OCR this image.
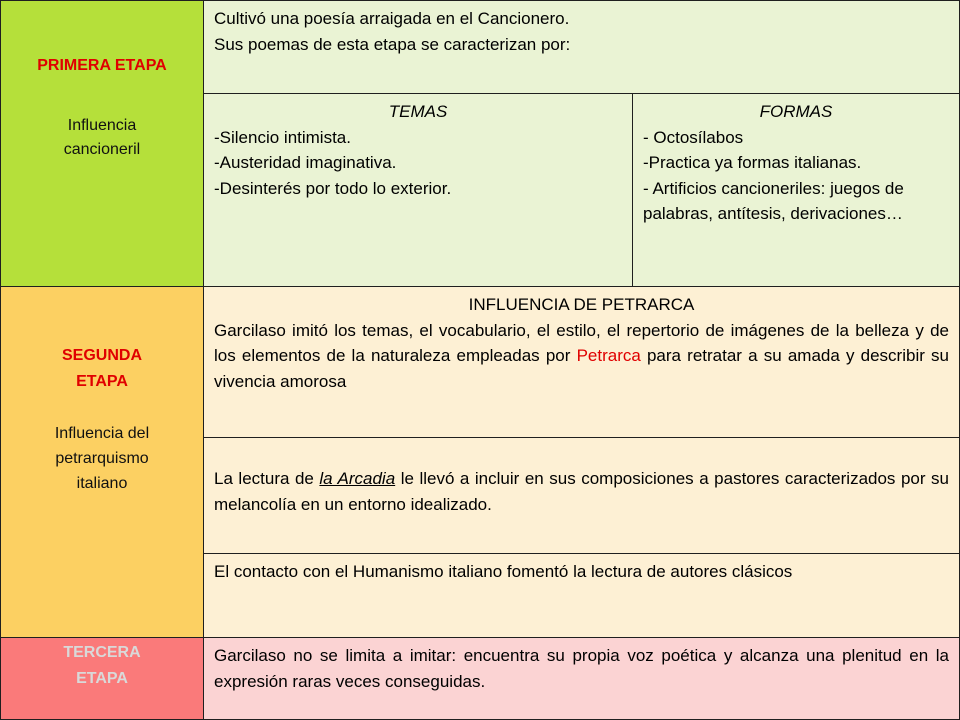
PRIMERA ETAPA
Influencia
cancioneril
Cultivó una poesía arraigada en el Cancionero.
Sus poemas de esta etapa se caracterizan por:
TEMAS
-Silencio intimista.
-Austeridad imaginativa.
-Desinterés por todo lo exterior.
FORMAS
- Octosílabos
-Practica ya formas italianas.
- Artificios cancioneriles: juegos de palabras, antítesis, derivaciones…
SEGUNDA
ETAPA
Influencia del
petrarquismo
italiano
INFLUENCIA DE PETRARCA
Garcilaso imitó los temas, el vocabulario, el estilo, el repertorio de imágenes de la belleza y de los elementos de la naturaleza empleadas por Petrarca para retratar a su amada y describir su vivencia amorosa
La lectura de la Arcadia le llevó a incluir en sus composiciones a pastores caracterizados por su melancolía en un entorno idealizado.
El contacto con el Humanismo italiano fomentó la lectura de autores clásicos
TERCERA
ETAPA
Garcilaso no se limita a imitar: encuentra su propia voz poética y alcanza una plenitud en la expresión raras veces conseguidas.
